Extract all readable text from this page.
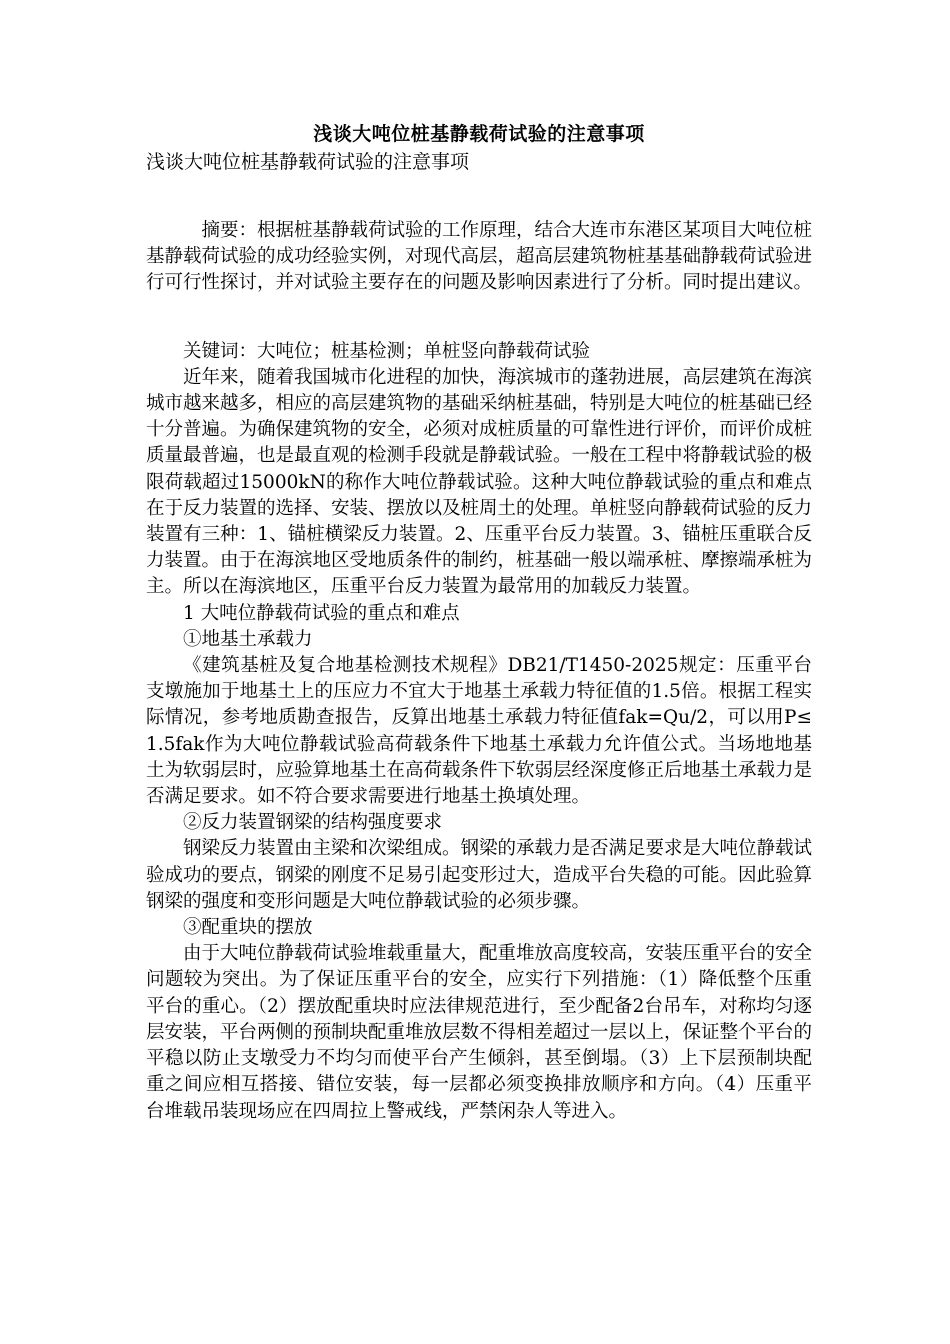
浅谈大吨位桩基静载荷试验的注意事项

浅谈大吨位桩基静载荷试验的注意事项

摘要：根据桩基静载荷试验的工作原理，结合大连市东港区某项目大吨位桩基静载荷试验的成功经验实例，对现代高层，超高层建筑物桩基基础静载荷试验进行可行性探讨，并对试验主要存在的问题及影响因素进行了分析。同时提出建议。

关键词：大吨位；桩基检测；单桩竖向静载荷试验

近年来，随着我国城市化进程的加快，海滨城市的蓬勃进展，高层建筑在海滨城市越来越多，相应的高层建筑物的基础采纳桩基础，特别是大吨位的桩基础已经十分普遍。为确保建筑物的安全，必须对成桩质量的可靠性进行评价，而评价成桩质量最普遍，也是最直观的检测手段就是静载试验。一般在工程中将静载试验的极限荷载超过15000kN的称作大吨位静载试验。这种大吨位静载试验的重点和难点在于反力装置的选择、安装、摆放以及桩周土的处理。单桩竖向静载荷试验的反力装置有三种：1、锚桩横梁反力装置。2、压重平台反力装置。3、锚桩压重联合反力装置。由于在海滨地区受地质条件的制约，桩基础一般以端承桩、摩擦端承桩为主。所以在海滨地区，压重平台反力装置为最常用的加载反力装置。

1 大吨位静载荷试验的重点和难点

①地基土承载力

《建筑基桩及复合地基检测技术规程》DB21/T1450-2025规定：压重平台支墩施加于地基土上的压应力不宜大于地基土承载力特征值的1.5倍。根据工程实际情况，参考地质勘查报告，反算出地基土承载力特征值fak=Qu/2，可以用P≤1.5fak作为大吨位静载试验高荷载条件下地基土承载力允许值公式。当场地地基土为软弱层时，应验算地基土在高荷载条件下软弱层经深度修正后地基土承载力是否满足要求。如不符合要求需要进行地基土换填处理。

②反力装置钢梁的结构强度要求

钢梁反力装置由主梁和次梁组成。钢梁的承载力是否满足要求是大吨位静载试验成功的要点，钢梁的刚度不足易引起变形过大，造成平台失稳的可能。因此验算钢梁的强度和变形问题是大吨位静载试验的必须步骤。

③配重块的摆放

由于大吨位静载荷试验堆载重量大，配重堆放高度较高，安装压重平台的安全问题较为突出。为了保证压重平台的安全，应实行下列措施：（1）降低整个压重平台的重心。（2）摆放配重块时应法律规范进行，至少配备2台吊车，对称均匀逐层安装，平台两侧的预制块配重堆放层数不得相差超过一层以上，保证整个平台的平稳以防止支墩受力不均匀而使平台产生倾斜，甚至倒塌。（3）上下层预制块配重之间应相互搭接、错位安装，每一层都必须变换排放顺序和方向。（4）压重平台堆载吊装现场应在四周拉上警戒线，严禁闲杂人等进入。
